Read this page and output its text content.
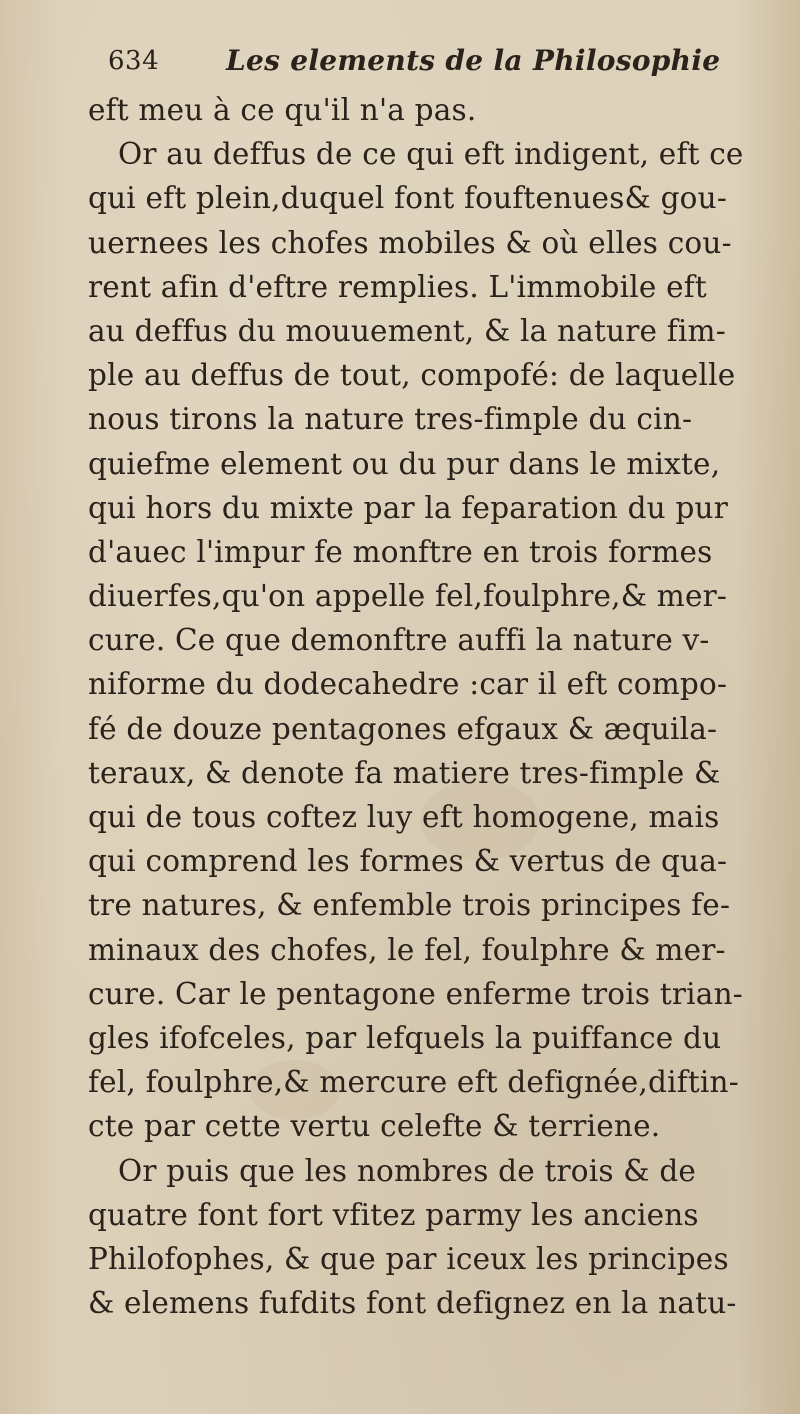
634 Les elements de la Philosophie
eft meu à ce qu'il n'a pas.
Or au deffus de ce qui eft indigent, eft ce
qui eft plein,duquel font fouftenues& gou-
uernees les chofes mobiles & où elles cou-
rent afin d'eftre remplies. L'immobile eft
au deffus du mouuement, & la nature fim-
ple au deffus de tout, compofé: de laquelle
nous tirons la nature tres-fimple du cin-
quiefme element ou du pur dans le mixte,
qui hors du mixte par la feparation du pur
d'auec l'impur fe monftre en trois formes
diuerfes,qu'on appelle fel,foulphre,& mer-
cure. Ce que demonftre auffi la nature v-
niforme du dodecahedre :car il eft compo-
fé de douze pentagones efgaux & æquila-
teraux, & denote fa matiere tres-fimple &
qui de tous coftez luy eft homogene, mais
qui comprend les formes & vertus de qua-
tre natures, & enfemble trois principes fe-
minaux des chofes, le fel, foulphre & mer-
cure. Car le pentagone enferme trois trian-
gles ifofceles, par lefquels la puiffance du
fel, foulphre,& mercure eft defignée,diftin-
cte par cette vertu celefte & terriene.
Or puis que les nombres de trois & de
quatre font fort vfitez parmy les anciens
Philofophes, & que par iceux les principes
& elemens fufdits font defignez en la natu-
